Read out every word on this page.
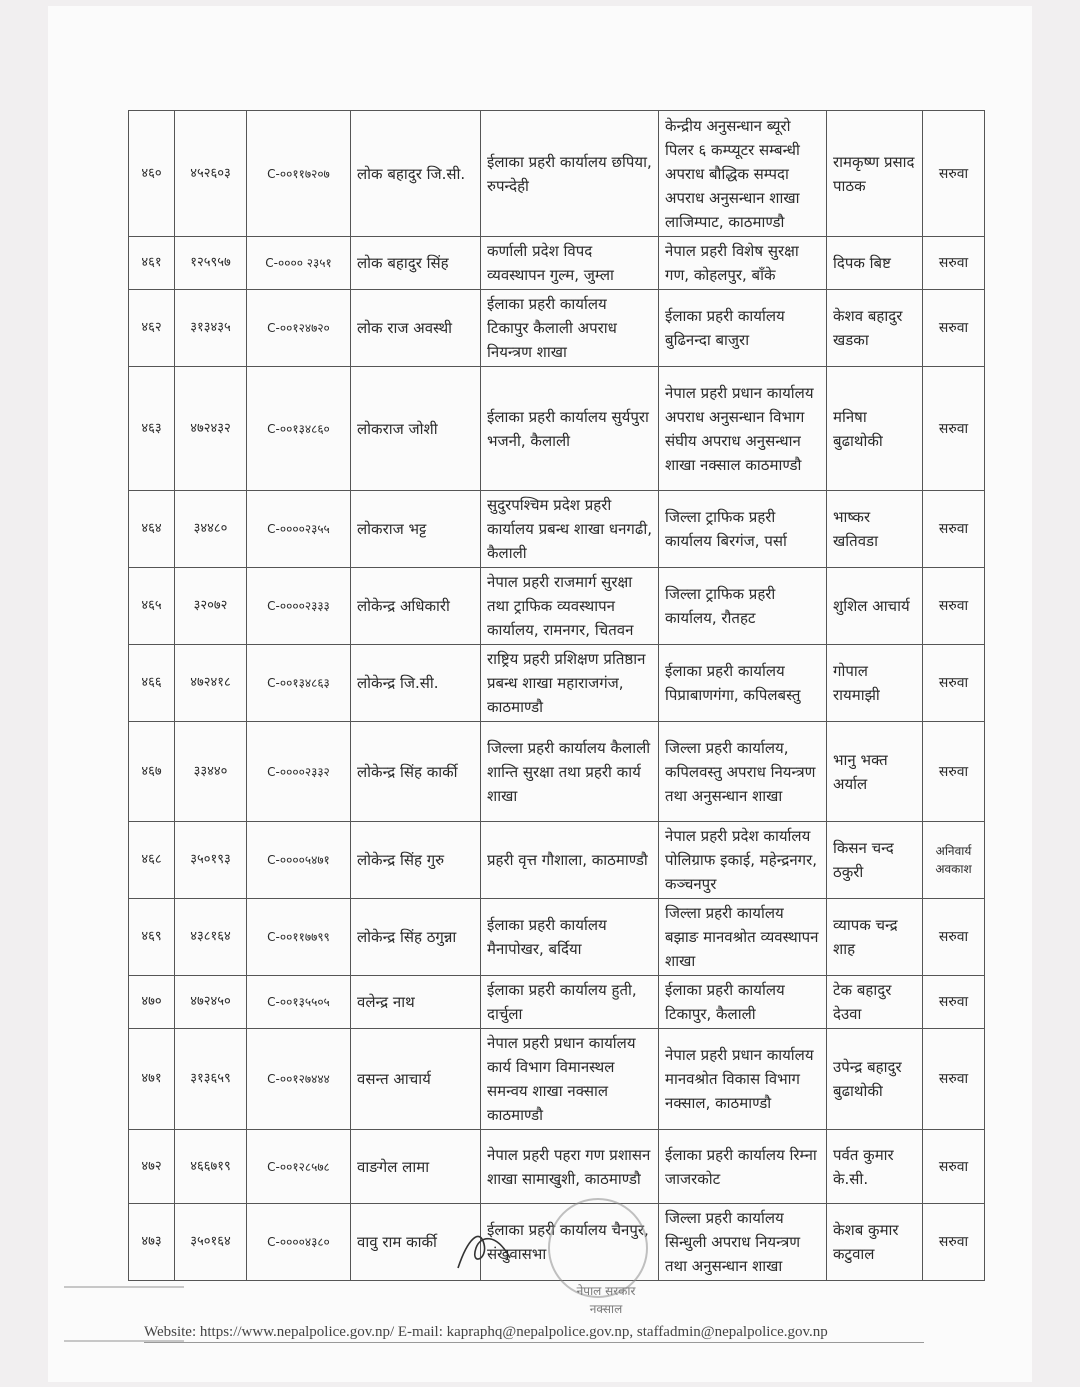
४६०	४५२६०३	C-००११७२०७	लोक बहादुर जि.सी.	ईलाका प्रहरी कार्यालय छपिया, रुपन्देही	केन्द्रीय अनुसन्धान ब्यूरो पिलर ६ कम्प्यूटर सम्बन्धी अपराध बौद्धिक सम्पदा अपराध अनुसन्धान शाखा लाजिम्पाट, काठमाण्डौ	रामकृष्ण प्रसाद पाठक	सरुवा
४६१	१२५९५७	C-०००० २३५१	लोक बहादुर सिंह	कर्णाली प्रदेश विपद व्यवस्थापन गुल्म, जुम्ला	नेपाल प्रहरी विशेष सुरक्षा गण, कोहलपुर, बाँके	दिपक बिष्ट	सरुवा
४६२	३१३४३५	C-००१२४७२०	लोक राज अवस्थी	ईलाका प्रहरी कार्यालय टिकापुर कैलाली अपराध नियन्त्रण शाखा	ईलाका प्रहरी कार्यालय बुढिनन्दा बाजुरा	केशव बहादुर खडका	सरुवा
४६३	४७२४३२	C-००१३४८६०	लोकराज जोशी	ईलाका प्रहरी कार्यालय सुर्यपुरा भजनी, कैलाली	नेपाल प्रहरी प्रधान कार्यालय अपराध अनुसन्धान विभाग संघीय अपराध अनुसन्धान शाखा नक्साल काठमाण्डौ	मनिषा बुढाथोकी	सरुवा
४६४	३४४८०	C-००००२३५५	लोकराज भट्ट	सुदुरपश्चिम प्रदेश प्रहरी कार्यालय प्रबन्ध शाखा धनगढी, कैलाली	जिल्ला ट्राफिक प्रहरी कार्यालय बिरगंज, पर्सा	भाष्कर खतिवडा	सरुवा
४६५	३२०७२	C-००००२३३३	लोकेन्द्र अधिकारी	नेपाल प्रहरी राजमार्ग सुरक्षा तथा ट्राफिक व्यवस्थापन कार्यालय, रामनगर, चितवन	जिल्ला ट्राफिक प्रहरी कार्यालय, रौतहट	शुशिल आचार्य	सरुवा
४६६	४७२४१८	C-००१३४८६३	लोकेन्द्र जि.सी.	राष्ट्रिय प्रहरी प्रशिक्षण प्रतिष्ठान प्रबन्ध शाखा महाराजगंज, काठमाण्डौ	ईलाका प्रहरी कार्यालय पिप्राबाणगंगा, कपिलबस्तु	गोपाल रायमाझी	सरुवा
४६७	३३४४०	C-००००२३३२	लोकेन्द्र सिंह कार्की	जिल्ला प्रहरी कार्यालय कैलाली शान्ति सुरक्षा तथा प्रहरी कार्य शाखा	जिल्ला प्रहरी कार्यालय, कपिलवस्तु अपराध नियन्त्रण तथा अनुसन्धान शाखा	भानु भक्त अर्याल	सरुवा
४६८	३५०१९३	C-००००५४७१	लोकेन्द्र सिंह गुरु	प्रहरी वृत्त गौशाला, काठमाण्डौ	नेपाल प्रहरी प्रदेश कार्यालय पोलिग्राफ इकाई, महेन्द्रनगर, कञ्चनपुर	किसन चन्द ठकुरी	अनिवार्य अवकाश
४६९	४३८१६४	C-००११७७९९	लोकेन्द्र सिंह ठगुन्ना	ईलाका प्रहरी कार्यालय मैनापोखर, बर्दिया	जिल्ला प्रहरी कार्यालय बझाङ मानवश्रोत व्यवस्थापन शाखा	व्यापक चन्द्र शाह	सरुवा
४७०	४७२४५०	C-००१३५५०५	वलेन्द्र नाथ	ईलाका प्रहरी कार्यालय हुती, दार्चुला	ईलाका प्रहरी कार्यालय टिकापुर, कैलाली	टेक बहादुर देउवा	सरुवा
४७१	३१३६५९	C-००१२७४४४	वसन्त आचार्य	नेपाल प्रहरी प्रधान कार्यालय कार्य विभाग विमानस्थल समन्वय शाखा नक्साल काठमाण्डौ	नेपाल प्रहरी प्रधान कार्यालय मानवश्रोत विकास विभाग नक्साल, काठमाण्डौ	उपेन्द्र बहादुर बुढाथोकी	सरुवा
४७२	४६६७१९	C-००१२८५७८	वाङगेल लामा	नेपाल प्रहरी पहरा गण प्रशासन शाखा सामाखुशी, काठमाण्डौ	ईलाका प्रहरी कार्यालय रिम्ना जाजरकोट	पर्वत कुमार के.सी.	सरुवा
४७३	३५०१६४	C-००००४३८०	वावु राम कार्की	ईलाका प्रहरी कार्यालय चैनपुर, संखुवासभा	जिल्ला प्रहरी कार्यालय सिन्धुली अपराध नियन्त्रण तथा अनुसन्धान शाखा	केशब कुमार कटुवाल	सरुवा
नेपाल सरकार नक्साल
Website: https://www.nepalpolice.gov.np/ E-mail: kapraphq@nepalpolice.gov.np, staffadmin@nepalpolice.gov.np
